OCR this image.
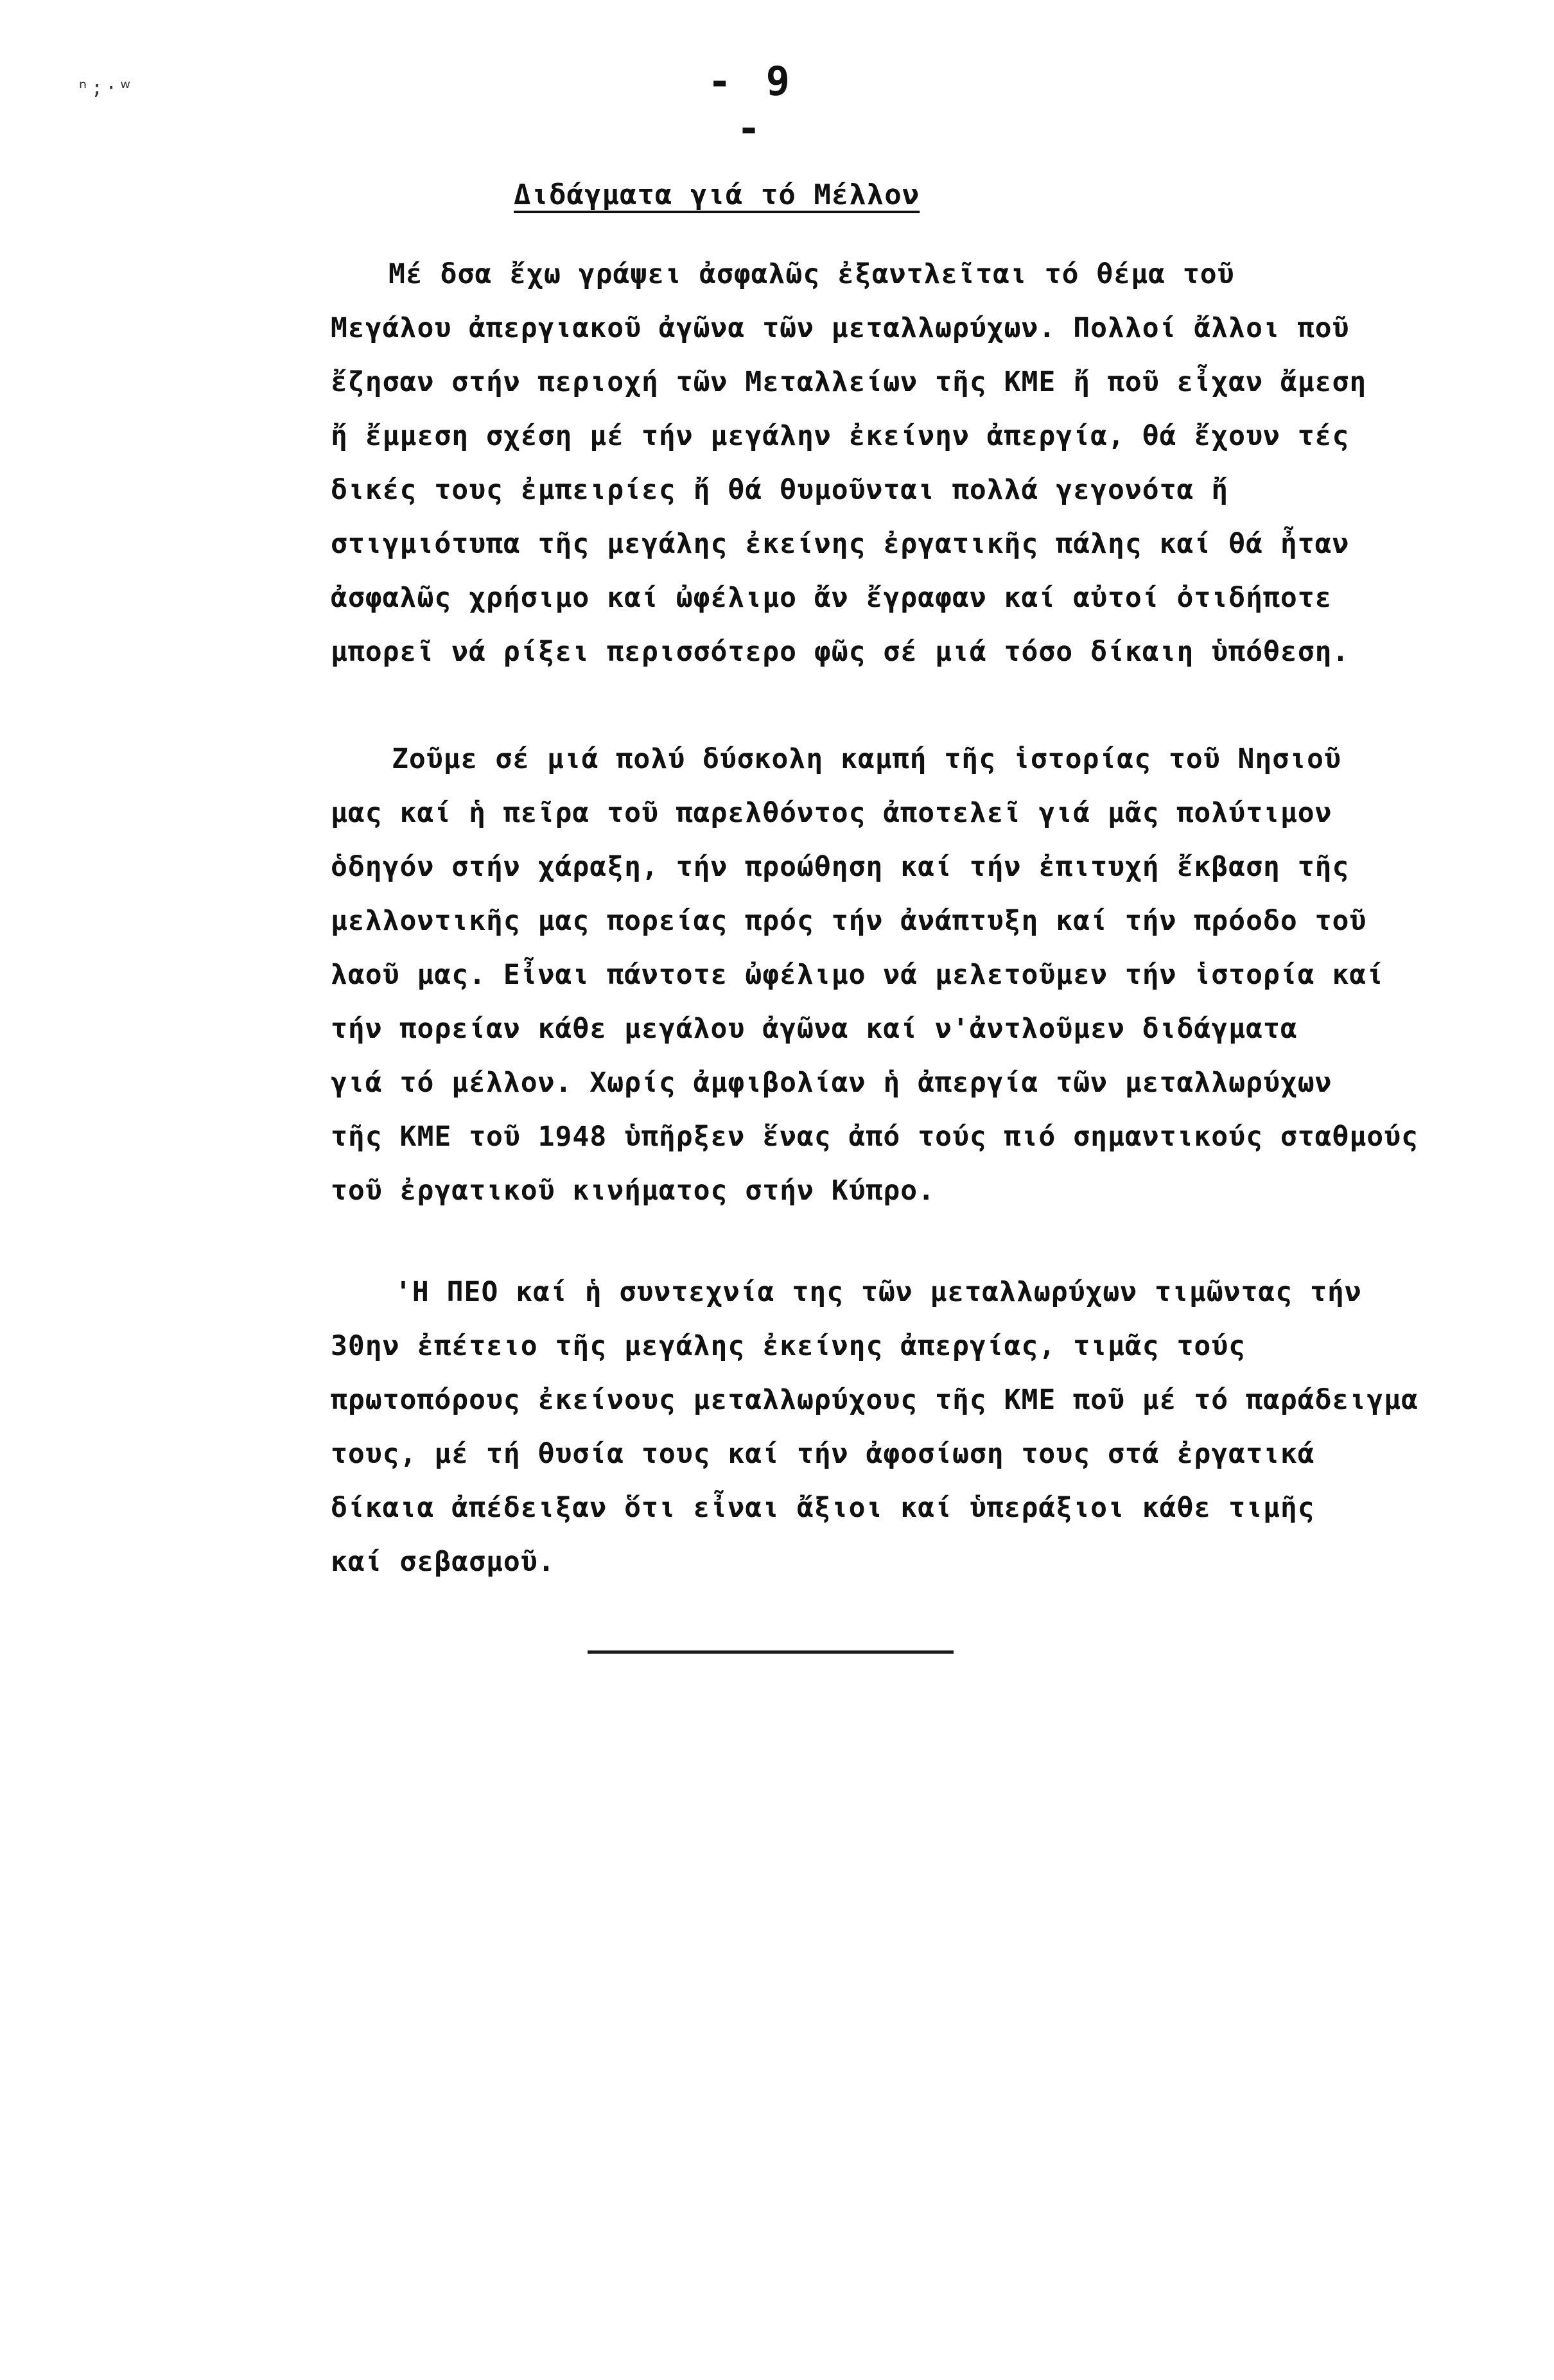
ⁿ;·ʷ	- 9 -
Διδάγματα γιά τό Μέλλον

Μέ δσα ἔχω γράψει ἀσφαλῶς ἐξαντλεῖται τό θέμα τοῦ
Μεγάλου ἀπεργιακοῦ ἀγῶνα τῶν μεταλλωρύχων. Πολλοί ἄλλοι ποῦ
ἔζησαν στήν περιοχή τῶν Μεταλλείων τῆς ΚΜΕ ἤ ποῦ εἶχαν ἄμεση
ἤ ἔμμεση σχέση μέ τήν μεγάλην ἐκείνην ἀπεργία, θά ἔχουν τές
δικές τους ἐμπειρίες ἤ θά θυμοῦνται πολλά γεγονότα ἤ
στιγμιότυπα τῆς μεγάλης ἐκείνης ἐργατικῆς πάλης καί θά ἦταν
ἀσφαλῶς χρήσιμο καί ὠφέλιμο ἄν ἔγραφαν καί αὐτοί ὀτιδήποτε
μπορεῖ νά ρίξει περισσότερο φῶς σέ μιά τόσο δίκαιη ὑπόθεση.

Ζοῦμε σέ μιά πολύ δύσκολη καμπή τῆς ἱστορίας τοῦ Νησιοῦ
μας καί ἡ πεῖρα τοῦ παρελθόντος ἀποτελεῖ γιά μᾶς πολύτιμον
ὁδηγόν στήν χάραξη, τήν προώθηση καί τήν ἐπιτυχή ἔκβαση τῆς
μελλοντικῆς μας πορείας πρός τήν ἀνάπτυξη καί τήν πρόοδο τοῦ
λαοῦ μας. Εἶναι πάντοτε ὠφέλιμο νά μελετοῦμεν τήν ἱστορία καί
τήν πορείαν κάθε μεγάλου ἀγῶνα καί ν'ἀντλοῦμεν διδάγματα
γιά τό μέλλον. Χωρίς ἀμφιβολίαν ἡ ἀπεργία τῶν μεταλλωρύχων
τῆς ΚΜΕ τοῦ 1948 ὑπῆρξεν ἕνας ἀπό τούς πιό σημαντικούς σταθμούς
τοῦ ἐργατικοῦ κινήματος στήν Κύπρο.

'Η ΠΕΟ καί ἡ συντεχνία της τῶν μεταλλωρύχων τιμῶντας τήν
30ην ἐπέτειο τῆς μεγάλης ἐκείνης ἀπεργίας, τιμᾶς τούς
πρωτοπόρους ἐκείνους μεταλλωρύχους τῆς ΚΜΕ ποῦ μέ τό παράδειγμα
τους, μέ τή θυσία τους καί τήν ἀφοσίωση τους στά ἐργατικά
δίκαια ἀπέδειξαν ὅτι εἶναι ἄξιοι καί ὑπεράξιοι κάθε τιμῆς
καί σεβασμοῦ.
